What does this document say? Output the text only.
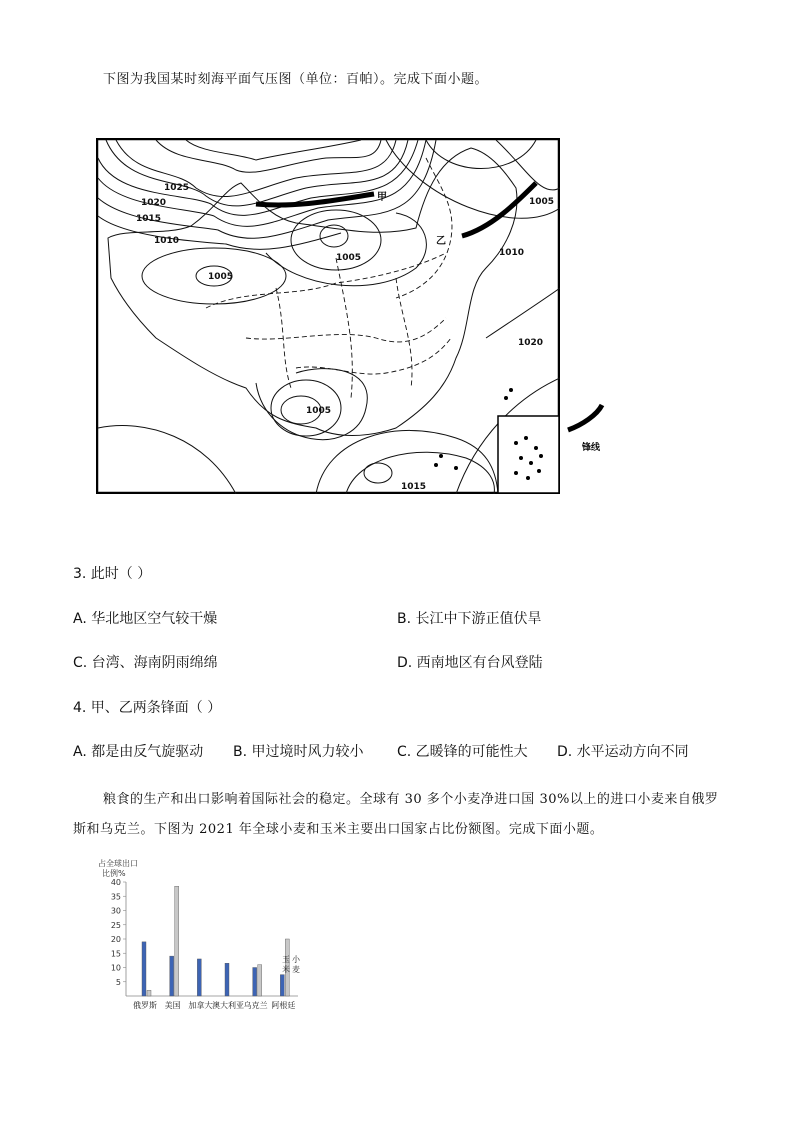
下图为我国某时刻海平面气压图（单位：百帕）。完成下面小题。
1025
1020
1015
1010
1005
1005
1005
1005
1010
1020
1015
甲
乙
锋线
3. 此时（ ）
A. 华北地区空气较干燥	B. 长江中下游正值伏旱
C. 台湾、海南阴雨绵绵	D. 西南地区有台风登陆
4. 甲、乙两条锋面（ ）
A. 都是由反气旋驱动 B. 甲过境时风力较小 C. 乙暖锋的可能性大 D. 水平运动方向不同
粮食的生产和出口影响着国际社会的稳定。全球有 30 多个小麦净进口国 30%以上的进口小麦来自俄罗
斯和乌克兰。下图为 2021 年全球小麦和玉米主要出口国家占比份额图。完成下面小题。
占全球出口比例%
5
10
15
20
25
30
35
40
俄罗斯 美国 加拿大 澳大利亚 乌克兰 阿根廷
玉
米
小
麦
